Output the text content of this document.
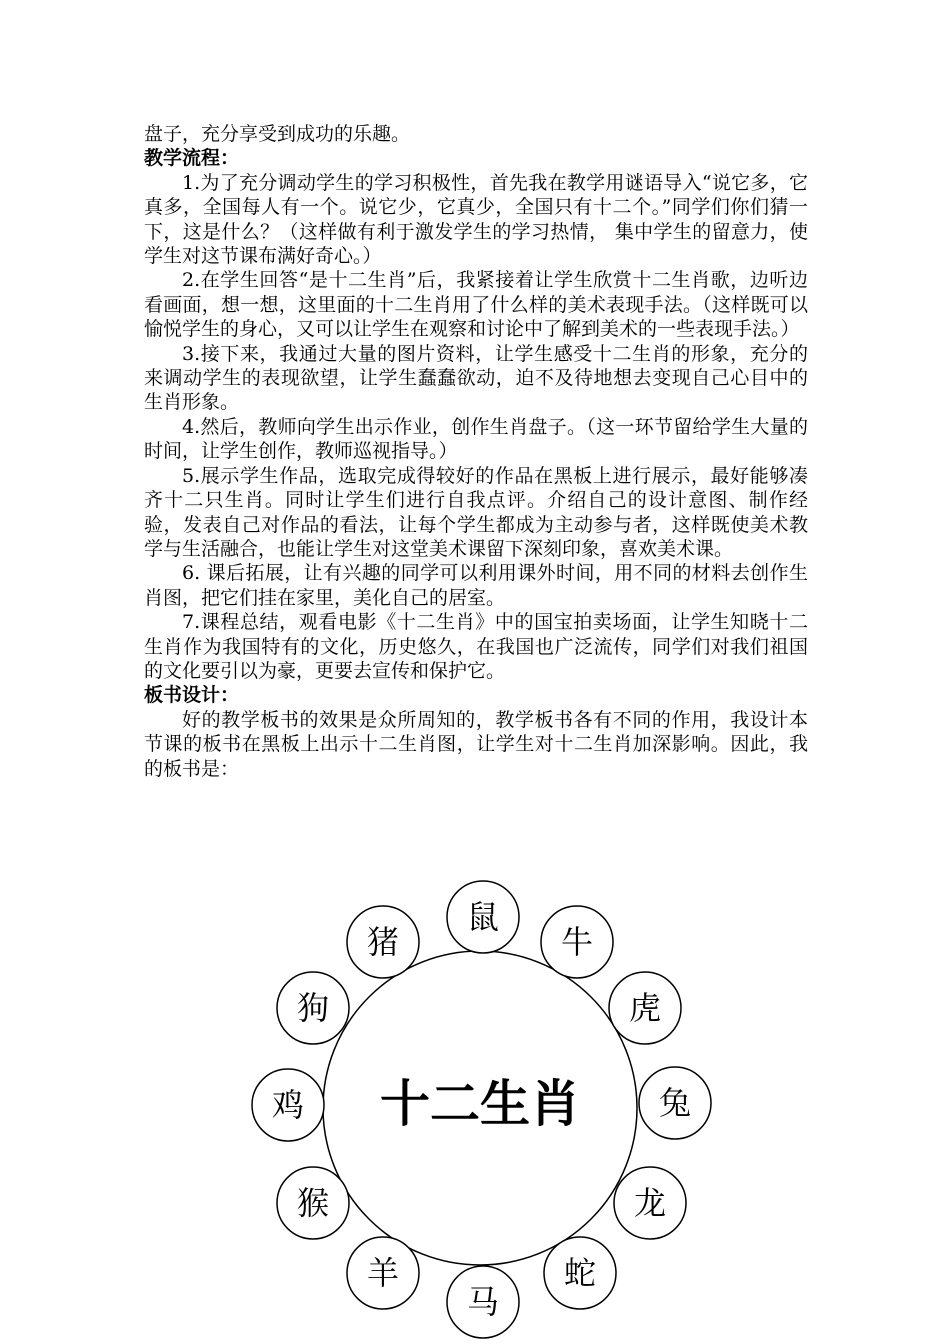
盘子，充分享受到成功的乐趣。

教学流程：

1.为了充分调动学生的学习积极性，首先我在教学用谜语导入“说它多，它真多，全国每人有一个。说它少，它真少，全国只有十二个。”同学们你们猜一下，这是什么？（这样做有利于激发学生的学习热情， 集中学生的留意力，使学生对这节课布满好奇心。）

2.在学生回答“是十二生肖”后，我紧接着让学生欣赏十二生肖歌，边听边看画面，想一想，这里面的十二生肖用了什么样的美术表现手法。（这样既可以愉悦学生的身心，又可以让学生在观察和讨论中了解到美术的一些表现手法。）

3.接下来，我通过大量的图片资料，让学生感受十二生肖的形象，充分的来调动学生的表现欲望，让学生蠢蠢欲动，迫不及待地想去变现自己心目中的生肖形象。

4.然后，教师向学生出示作业，创作生肖盘子。（这一环节留给学生大量的时间，让学生创作，教师巡视指导。）

5.展示学生作品，选取完成得较好的作品在黑板上进行展示，最好能够凑齐十二只生肖。同时让学生们进行自我点评。介绍自己的设计意图、制作经验，发表自己对作品的看法，让每个学生都成为主动参与者，这样既使美术教学与生活融合，也能让学生对这堂美术课留下深刻印象，喜欢美术课。

6. 课后拓展，让有兴趣的同学可以利用课外时间，用不同的材料去创作生肖图，把它们挂在家里，美化自己的居室。

7.课程总结，观看电影《十二生肖》中的国宝拍卖场面，让学生知晓十二生肖作为我国特有的文化，历史悠久，在我国也广泛流传，同学们对我们祖国的文化要引以为豪，更要去宣传和保护它。

板书设计：

好的教学板书的效果是众所周知的，教学板书各有不同的作用，我设计本节课的板书在黑板上出示十二生肖图，让学生对十二生肖加深影响。因此，我的板书是：

十二生肖
鼠
牛
虎
兔
龙
蛇
马
羊
猴
鸡
狗
猪
